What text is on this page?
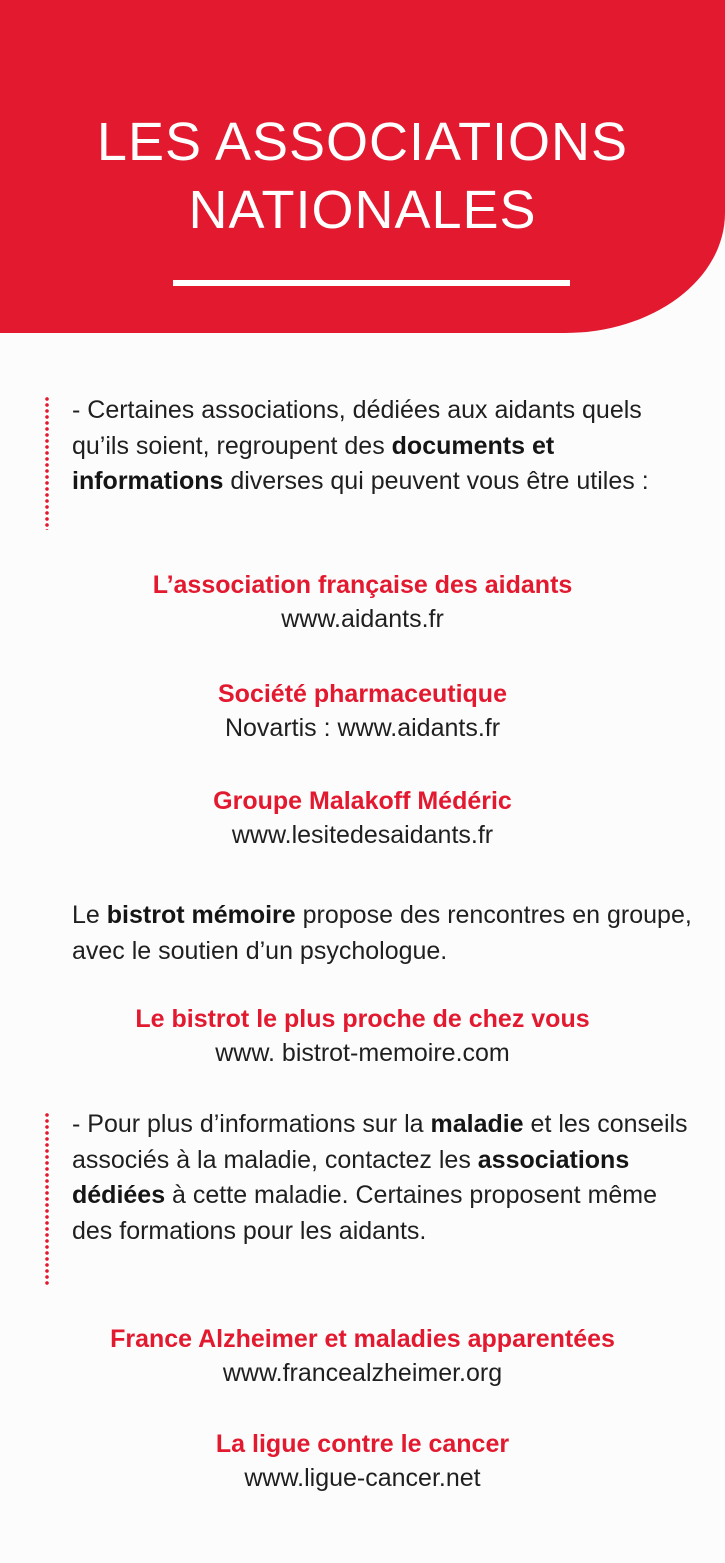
LES ASSOCIATIONS
NATIONALES
- Certaines associations, dédiées aux aidants quels qu’ils soient, regroupent des documents et informations diverses qui peuvent vous être utiles :
L’association française des aidants
www.aidants.fr
Société pharmaceutique
Novartis : www.aidants.fr
Groupe Malakoff Médéric
www.lesitedesaidants.fr
Le bistrot mémoire propose des rencontres en groupe, avec le soutien d’un psychologue.
Le bistrot le plus proche de chez vous
www. bistrot-memoire.com
- Pour plus d’informations sur la maladie et les conseils associés à la maladie, contactez les associations dédiées à cette maladie. Certaines proposent même des formations pour les aidants.
France Alzheimer et maladies apparentées
www.francealzheimer.org
La ligue contre le cancer
www.ligue-cancer.net
